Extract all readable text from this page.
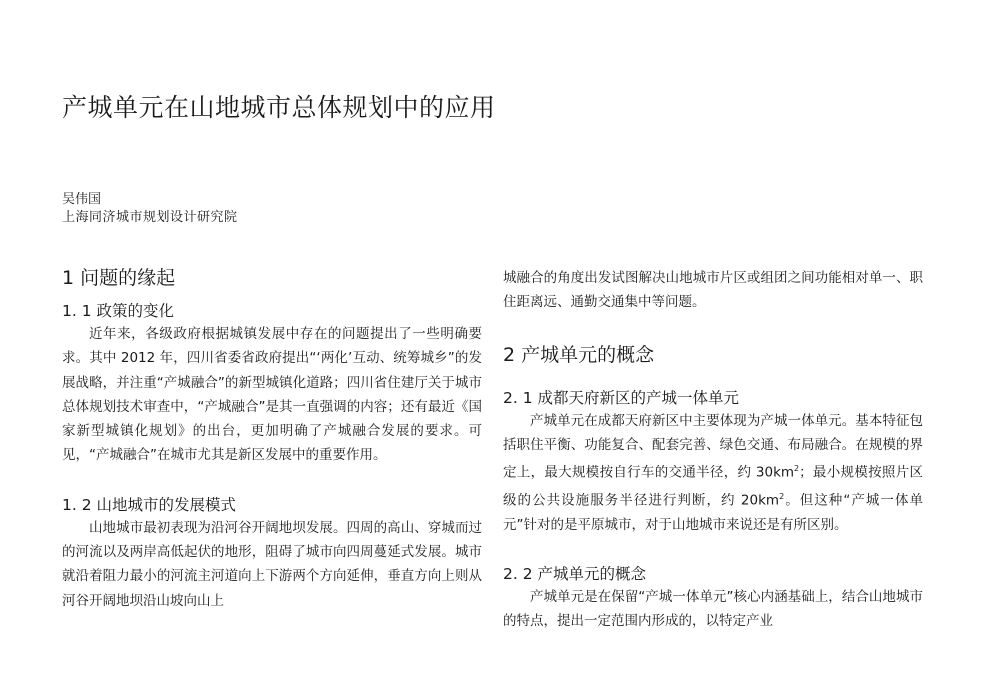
产城单元在山地城市总体规划中的应用

吴伟国

上海同济城市规划设计研究院

1 问题的缘起
1. 1 政策的变化

近年来，各级政府根据城镇发展中存在的问题提出了一些明确要求。其中 2012 年，四川省委省政府提出“‘两化’互动、统筹城乡”的发展战略，并注重“产城融合”的新型城镇化道路；四川省住建厅关于城市总体规划技术审查中，“产城融合”是其一直强调的内容；还有最近《国家新型城镇化规划》的出台，更加明确了产城融合发展的要求。可见，“产城融合”在城市尤其是新区发展中的重要作用。

1. 2 山地城市的发展模式

山地城市最初表现为沿河谷开阔地坝发展。四周的高山、穿城而过的河流以及两岸高低起伏的地形，阻碍了城市向四周蔓延式发展。城市就沿着阻力最小的河流主河道向上下游两个方向延伸，垂直方向上则从河谷开阔地坝沿山坡向山上

城融合的角度出发试图解决山地城市片区或组团之间功能相对单一、职住距离远、通勤交通集中等问题。

2 产城单元的概念
2. 1 成都天府新区的产城一体单元

产城单元在成都天府新区中主要体现为产城一体单元。基本特征包括职住平衡、功能复合、配套完善、绿色交通、布局融合。在规模的界定上，最大规模按自行车的交通半径，约 $30km^2$；最小规模按照片区级的公共设施服务半径进行判断，约 $20km^2$。但这种“产城一体单元”针对的是平原城市，对于山地城市来说还是有所区别。

2. 2 产城单元的概念

产城单元是在保留“产城一体单元”核心内涵基础上，结合山地城市的特点，提出一定范围内形成的，以特定产业
